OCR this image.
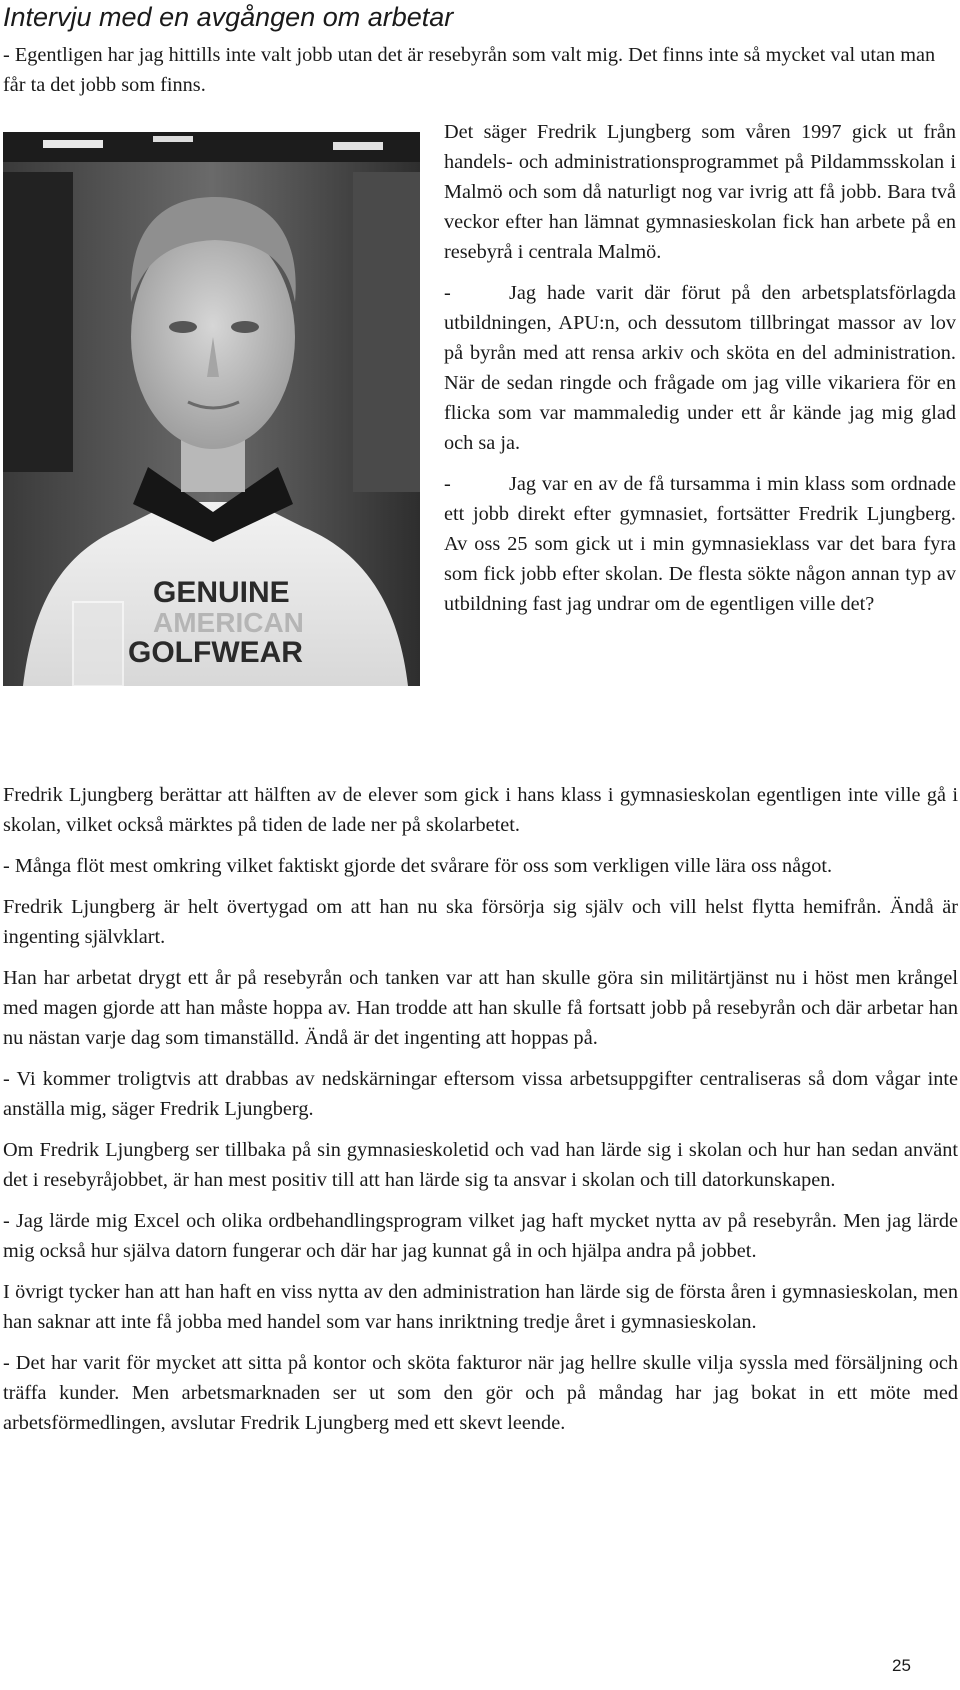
Intervju med en avgången om arbetar

- Egentligen har jag hittills inte valt jobb utan det är resebyrån som valt mig. Det finns inte så mycket val utan man får ta det jobb som finns.

GENUINE
AMERICAN
GOLFWEAR

Det säger Fredrik Ljungberg som våren 1997 gick ut från handels- och administrationsprogrammet på Pildammsskolan i Malmö och som då naturligt nog var ivrig att få jobb. Bara två veckor efter han lämnat gymnasieskolan fick han arbete på en resebyrå i centrala Malmö.

-	Jag hade varit där förut på den arbetsplatsförlagda utbildningen, APU:n, och dessutom tillbringat massor av lov på byrån med att rensa arkiv och sköta en del administration. När de sedan ringde och frågade om jag ville vikariera för en flicka som var mammaledig under ett år kände jag mig glad och sa ja.

-	Jag var en av de få tursamma i min klass som ordnade ett jobb direkt efter gymnasiet, fortsätter Fredrik Ljungberg. Av oss 25 som gick ut i min gymnasieklass var det bara fyra som fick jobb efter skolan. De flesta sökte någon annan typ av utbildning fast jag undrar om de egentligen ville det?

Fredrik Ljungberg berättar att hälften av de elever som gick i hans klass i gymnasieskolan egentligen inte ville gå i skolan, vilket också märktes på tiden de lade ner på skolarbetet.

- Många flöt mest omkring vilket faktiskt gjorde det svårare för oss som verkligen ville lära oss något.

Fredrik Ljungberg är helt övertygad om att han nu ska försörja sig själv och vill helst flytta hemifrån. Ändå är ingenting självklart.

Han har arbetat drygt ett år på resebyrån och tanken var att han skulle göra sin militärtjänst nu i höst men krångel med magen gjorde att han måste hoppa av. Han trodde att han skulle få fortsatt jobb på resebyrån och där arbetar han nu nästan varje dag som timanställd. Ändå är det ingenting att hoppas på.

- Vi kommer troligtvis att drabbas av nedskärningar eftersom vissa arbetsuppgifter centraliseras så dom vågar inte anställa mig, säger Fredrik Ljungberg.

Om Fredrik Ljungberg ser tillbaka på sin gymnasieskoletid och vad han lärde sig i skolan och hur han sedan använt det i resebyråjobbet, är han mest positiv till att han lärde sig ta ansvar i skolan och till datorkunskapen.

- Jag lärde mig Excel och olika ordbehandlingsprogram vilket jag haft mycket nytta av på resebyrån. Men jag lärde mig också hur själva datorn fungerar och där har jag kunnat gå in och hjälpa andra på jobbet.

I övrigt tycker han att han haft en viss nytta av den administration han lärde sig de första åren i gymnasieskolan, men han saknar att inte få jobba med handel som var hans inriktning tredje året i gymnasieskolan.

- Det har varit för mycket att sitta på kontor och sköta fakturor när jag hellre skulle vilja syssla med försäljning och träffa kunder. Men arbetsmarknaden ser ut som den gör och på måndag har jag bokat in ett möte med arbetsförmedlingen, avslutar Fredrik Ljungberg med ett skevt leende.

25
